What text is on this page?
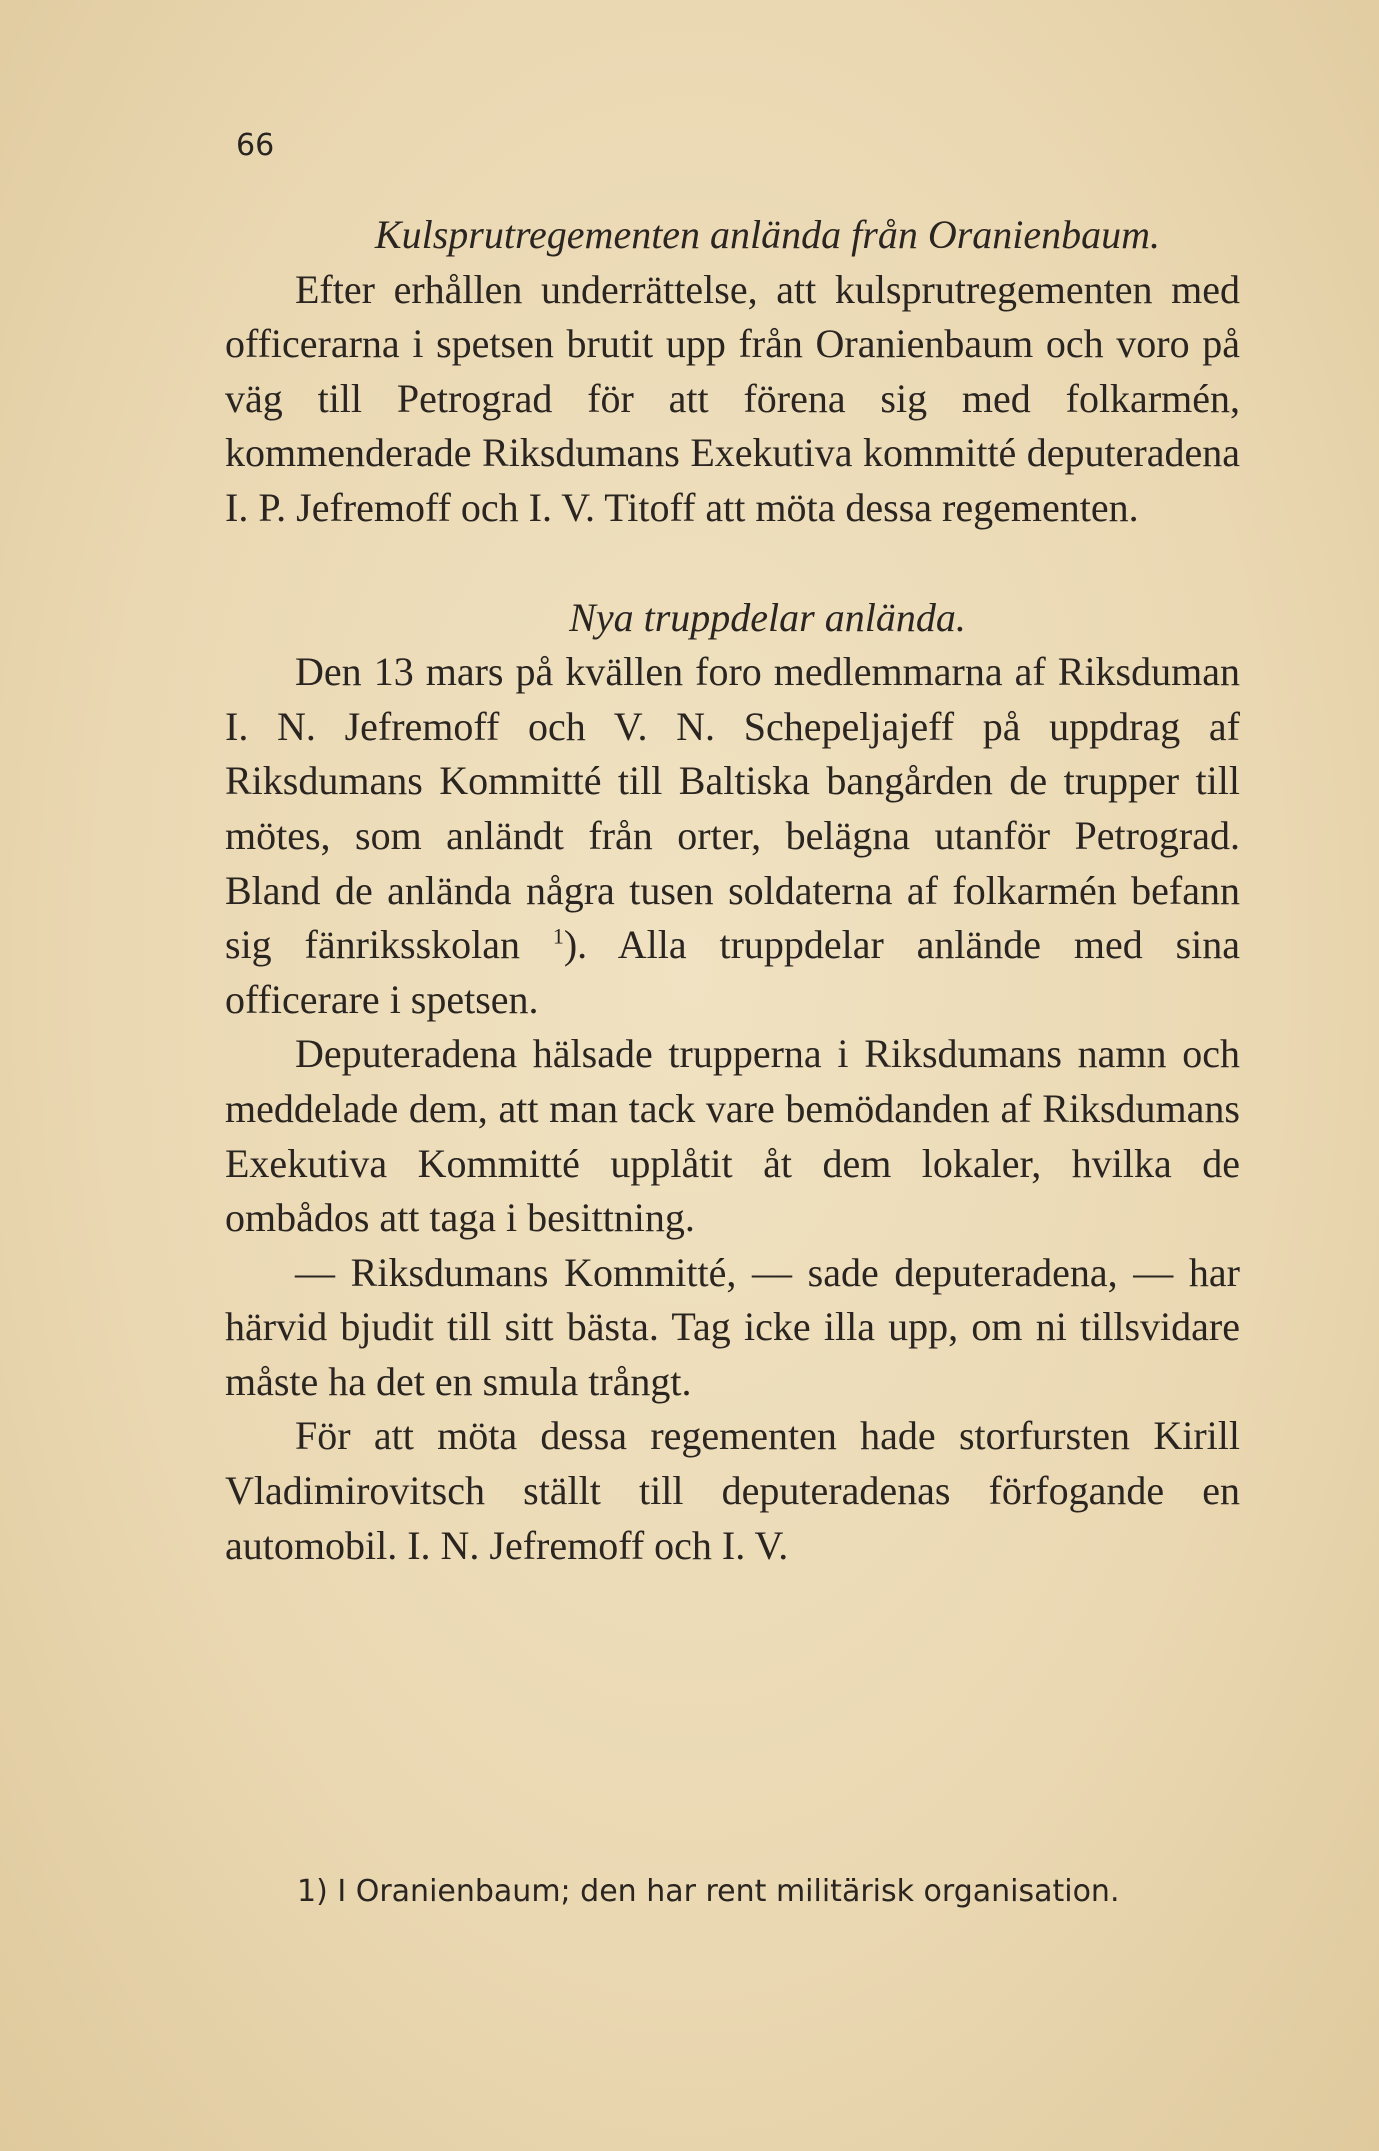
66

Kulsprutregementen anlända från Oranienbaum.

Efter erhållen underrättelse, att kulsprutregementen med officerarna i spetsen brutit upp från Oranienbaum och voro på väg till Petrograd för att förena sig med folkarmén, kommenderade Riksdumans Exekutiva kommitté deputeradena I. P. Jefremoff och I. V. Titoff att möta dessa regementen.

Nya truppdelar anlända.

Den 13 mars på kvällen foro medlemmarna af Riksduman I. N. Jefremoff och V. N. Schepeljajeff på uppdrag af Riksdumans Kommitté till Baltiska bangården de trupper till mötes, som anländt från orter, belägna utanför Petrograd. Bland de anlända några tusen soldaterna af folkarmén befann sig fänriksskolan $^1$). Alla truppdelar anlände med sina officerare i spetsen.

Deputeradena hälsade trupperna i Riksdumans namn och meddelade dem, att man tack vare bemödanden af Riksdumans Exekutiva Kommitté upplåtit åt dem lokaler, hvilka de ombådos att taga i besittning.

— Riksdumans Kommitté, — sade deputeradena, — har härvid bjudit till sitt bästa. Tag icke illa upp, om ni tillsvidare måste ha det en smula trångt.

För att möta dessa regementen hade storfursten Kirill Vladimirovitsch ställt till deputeradenas förfogande en automobil. I. N. Jefremoff och I. V.

1) I Oranienbaum; den har rent militärisk organisation.
